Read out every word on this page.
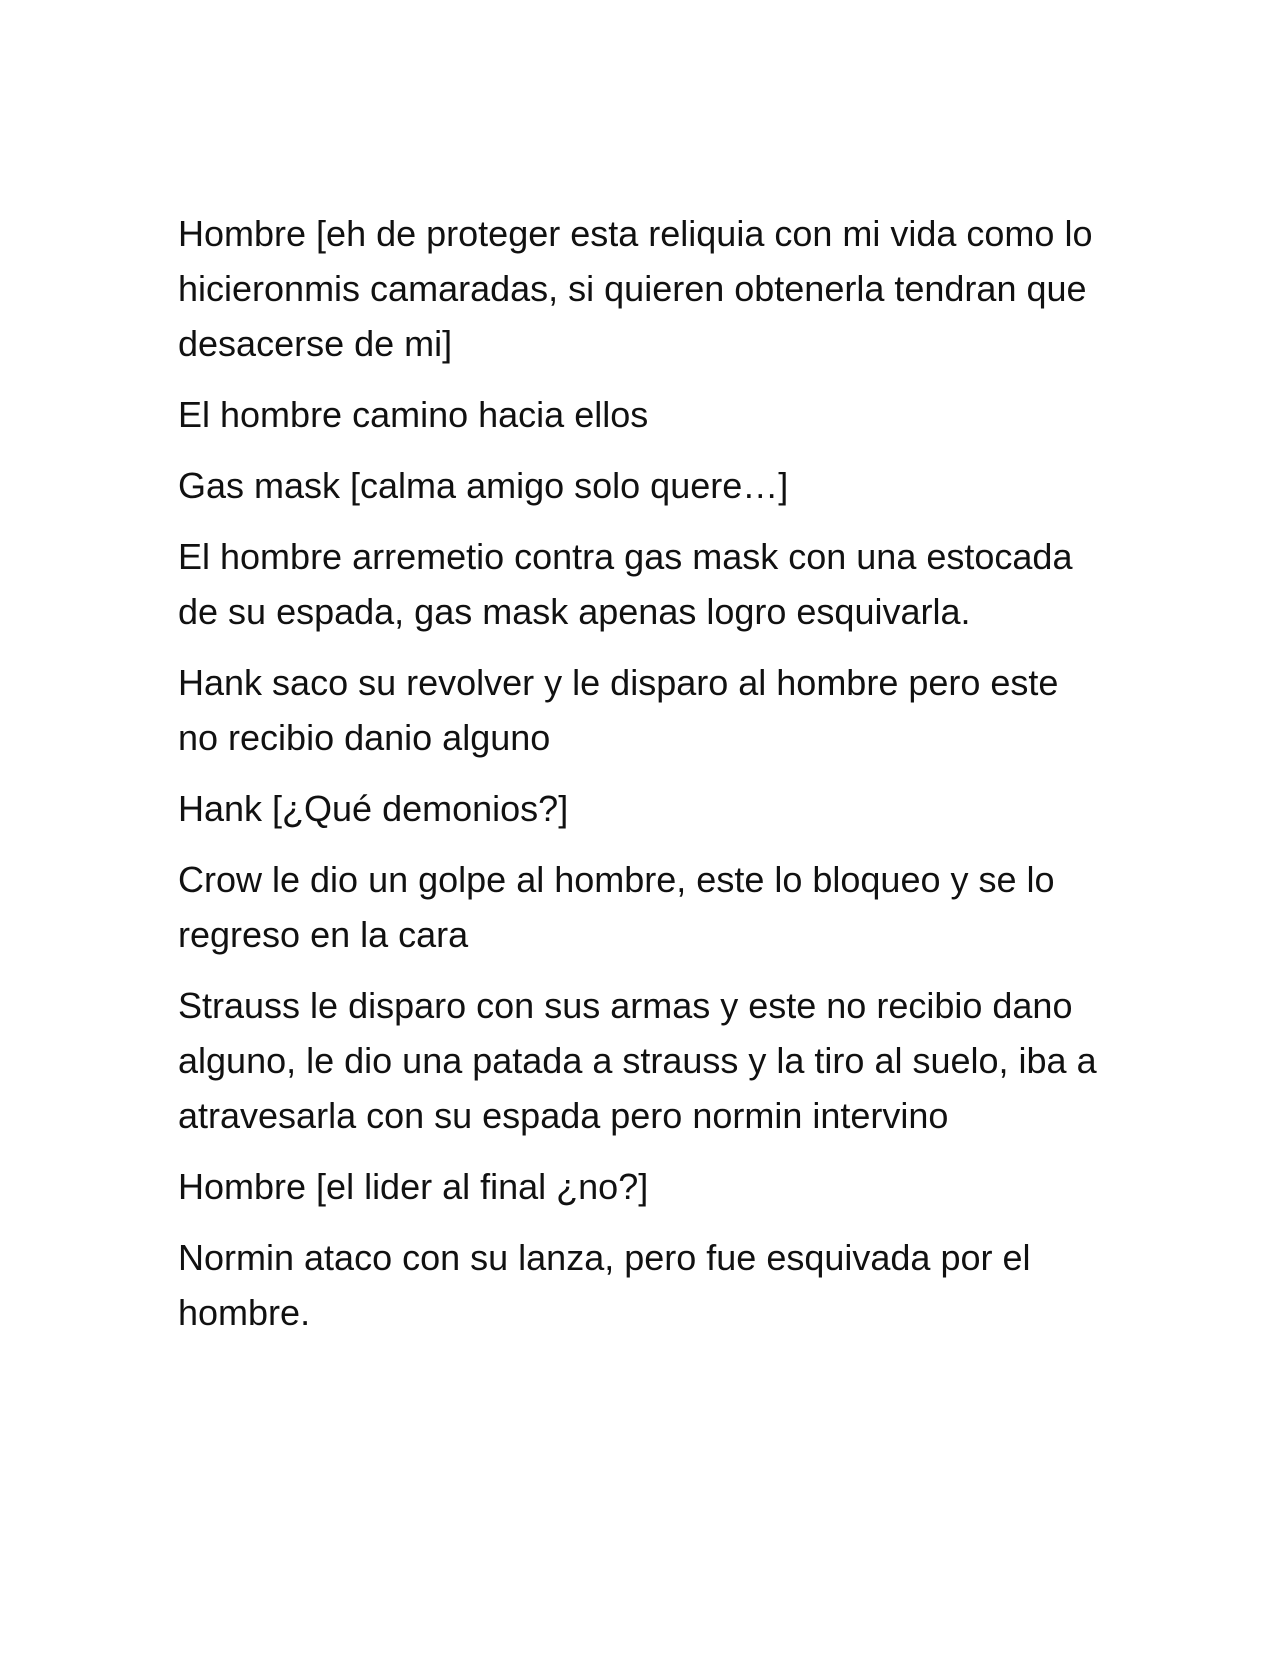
Hombre [eh de proteger esta reliquia con mi vida como lo hicieronmis camaradas, si quieren obtenerla tendran que desacerse de mi]

El hombre camino hacia ellos

Gas mask [calma amigo solo quere…]

El hombre arremetio contra gas mask con una estocada de su espada, gas mask apenas logro esquivarla.

Hank saco su revolver y le disparo al hombre pero este no recibio danio alguno

Hank [¿Qué demonios?]

Crow le dio un golpe al hombre, este lo bloqueo y se lo regreso en la cara

Strauss le disparo con sus armas y este no recibio dano alguno, le dio una patada a strauss y la tiro al suelo, iba a atravesarla con su espada pero normin intervino

Hombre [el lider al final ¿no?]

Normin ataco con su lanza, pero fue esquivada por el hombre.
